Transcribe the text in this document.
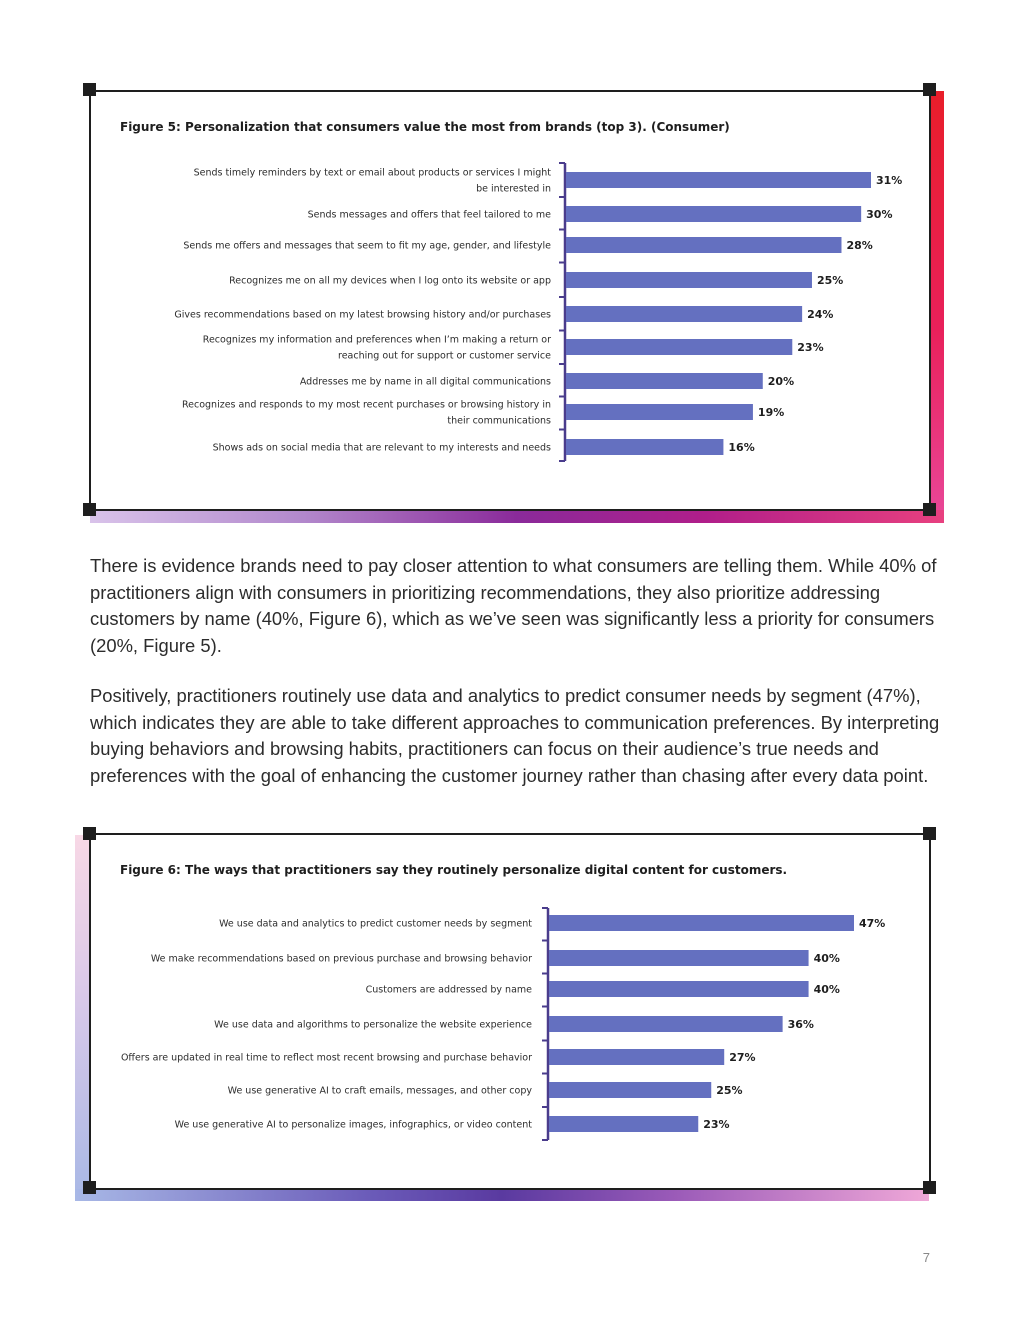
Figure 5: Personalization that consumers value the most from brands (top 3). (Consumer)
31%
Sends timely reminders by text or email about products or services I might
be interested in
30%
Sends messages and offers that feel tailored to me
28%
Sends me offers and messages that seem to fit my age, gender, and lifestyle
25%
Recognizes me on all my devices when I log onto its website or app
24%
Gives recommendations based on my latest browsing history and/or purchases
23%
Recognizes my information and preferences when I’m making a return or
reaching out for support or customer service
20%
Addresses me by name in all digital communications
19%
Recognizes and responds to my most recent purchases or browsing history in
their communications
16%
Shows ads on social media that are relevant to my interests and needs

There is evidence brands need to pay closer attention to what consumers are telling them. While 40% of practitioners align with consumers in prioritizing recommendations, they also prioritize addressing customers by name (40%, Figure 6), which as we’ve seen was significantly less a priority for consumers (20%, Figure 5).

Positively, practitioners routinely use data and analytics to predict consumer needs by segment (47%), which indicates they are able to take different approaches to communication preferences. By interpreting buying behaviors and browsing habits, practitioners can focus on their audience’s true needs and preferences with the goal of enhancing the customer journey rather than chasing after every data point.

Figure 6: The ways that practitioners say they routinely personalize digital content for customers.
47%
We use data and analytics to predict customer needs by segment
40%
We make recommendations based on previous purchase and browsing behavior
40%
Customers are addressed by name
36%
We use data and algorithms to personalize the website experience
27%
Offers are updated in real time to reflect most recent browsing and purchase behavior
25%
We use generative AI to craft emails, messages, and other copy
23%
We use generative AI to personalize images, infographics, or video content
7
